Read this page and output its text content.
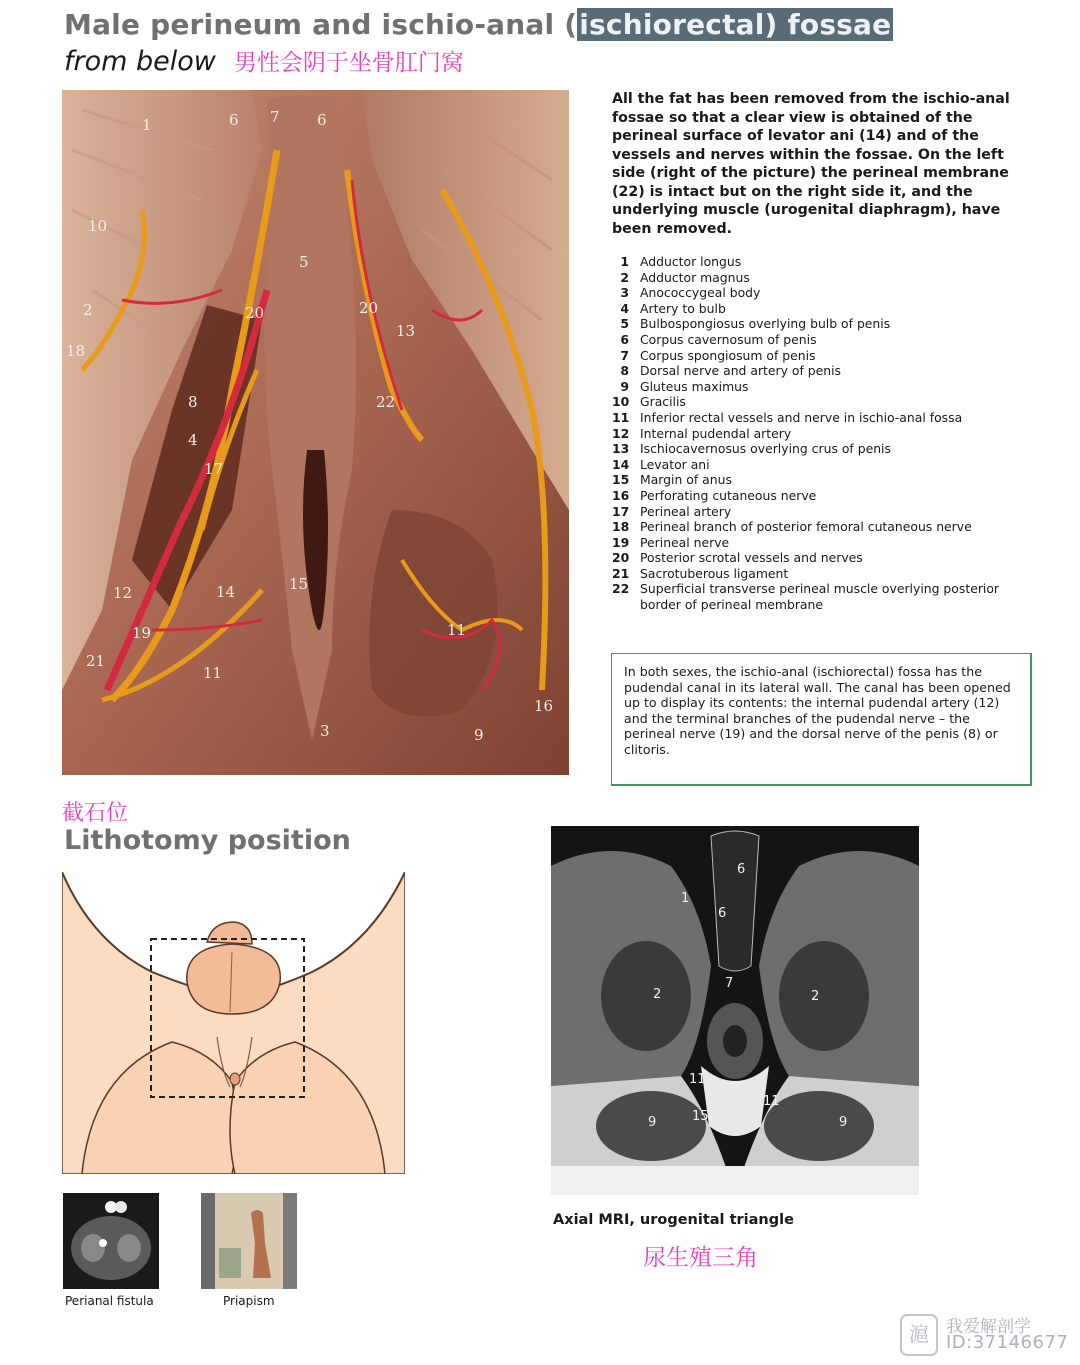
Male perineum and ischio-anal (ischiorectal) fossae
from below 男性会阴于坐骨肛门窝
1	6 7 6
10
5
2	20	20
13
18
8	22
4
17
15
12	14
11
19
21
11
3
16
9
All the fat has been removed from the ischio-anal fossae so that a clear view is obtained of the perineal surface of levator ani (14) and of the vessels and nerves within the fossae. On the left side (right of the picture) the perineal membrane (22) is intact but on the right side it, and the underlying muscle (urogenital diaphragm), have been removed.
1 Adductor longus
2 Adductor magnus
3 Anococcygeal body
4 Artery to bulb
5 Bulbospongiosus overlying bulb of penis
6 Corpus cavernosum of penis
7 Corpus spongiosum of penis
8 Dorsal nerve and artery of penis
9 Gluteus maximus
10 Gracilis
11 Inferior rectal vessels and nerve in ischio-anal fossa
12 Internal pudendal artery
13 Ischiocavernosus overlying crus of penis
14 Levator ani
15 Margin of anus
16 Perforating cutaneous nerve
17 Perineal artery
18 Perineal branch of posterior femoral cutaneous nerve
19 Perineal nerve
20 Posterior scrotal vessels and nerves
21 Sacrotuberous ligament
22 Superficial transverse perineal muscle overlying posterior border of perineal membrane
In both sexes, the ischio-anal (ischiorectal) fossa has the pudendal canal in its lateral wall. The canal has been opened up to display its contents: the internal pudendal artery (12) and the terminal branches of the pudendal nerve – the perineal nerve (19) and the dorsal nerve of the penis (8) or clitoris.
截石位
Lithotomy position
6
1
6
7
2	2
11
11
15
9	9
Axial MRI, urogenital triangle
尿生殖三角
Perianal fistula	Priapism
滬	我爱解剖学
ID:37146677
